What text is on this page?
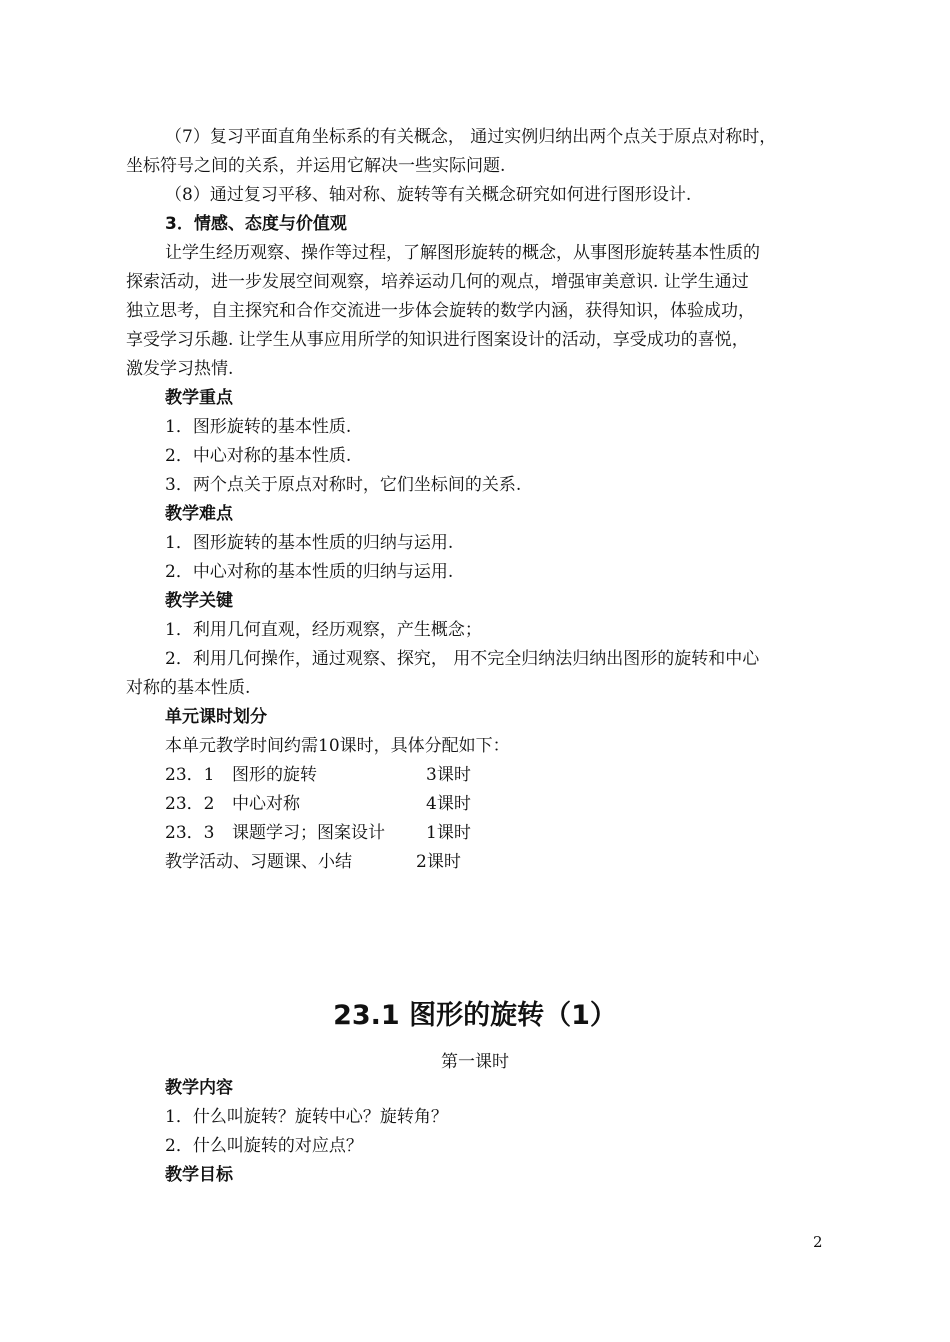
（7）复习平面直角坐标系的有关概念， 通过实例归纳出两个点关于原点对称时，
坐标符号之间的关系，并运用它解决一些实际问题.
（8）通过复习平移、轴对称、旋转等有关概念研究如何进行图形设计.
3．情感、态度与价值观
让学生经历观察、操作等过程，了解图形旋转的概念，从事图形旋转基本性质的
探索活动，进一步发展空间观察，培养运动几何的观点，增强审美意识. 让学生通过
独立思考，自主探究和合作交流进一步体会旋转的数学内涵，获得知识，体验成功，
享受学习乐趣. 让学生从事应用所学的知识进行图案设计的活动，享受成功的喜悦，
激发学习热情.
教学重点
1．图形旋转的基本性质.
2．中心对称的基本性质.
3．两个点关于原点对称时，它们坐标间的关系.
教学难点
1．图形旋转的基本性质的归纳与运用.
2．中心对称的基本性质的归纳与运用.
教学关键
1．利用几何直观，经历观察，产生概念；
2．利用几何操作，通过观察、探究， 用不完全归纳法归纳出图形的旋转和中心
对称的基本性质.
单元课时划分
本单元教学时间约需10课时，具体分配如下：
23．1 图形的旋转	3课时
23．2 中心对称	4课时
23．3 课题学习；图案设计 1课时
教学活动、习题课、小结	2课时
23.1 图形的旋转（1）
第一课时
教学内容
1．什么叫旋转？旋转中心？旋转角？
2．什么叫旋转的对应点？
教学目标
2
